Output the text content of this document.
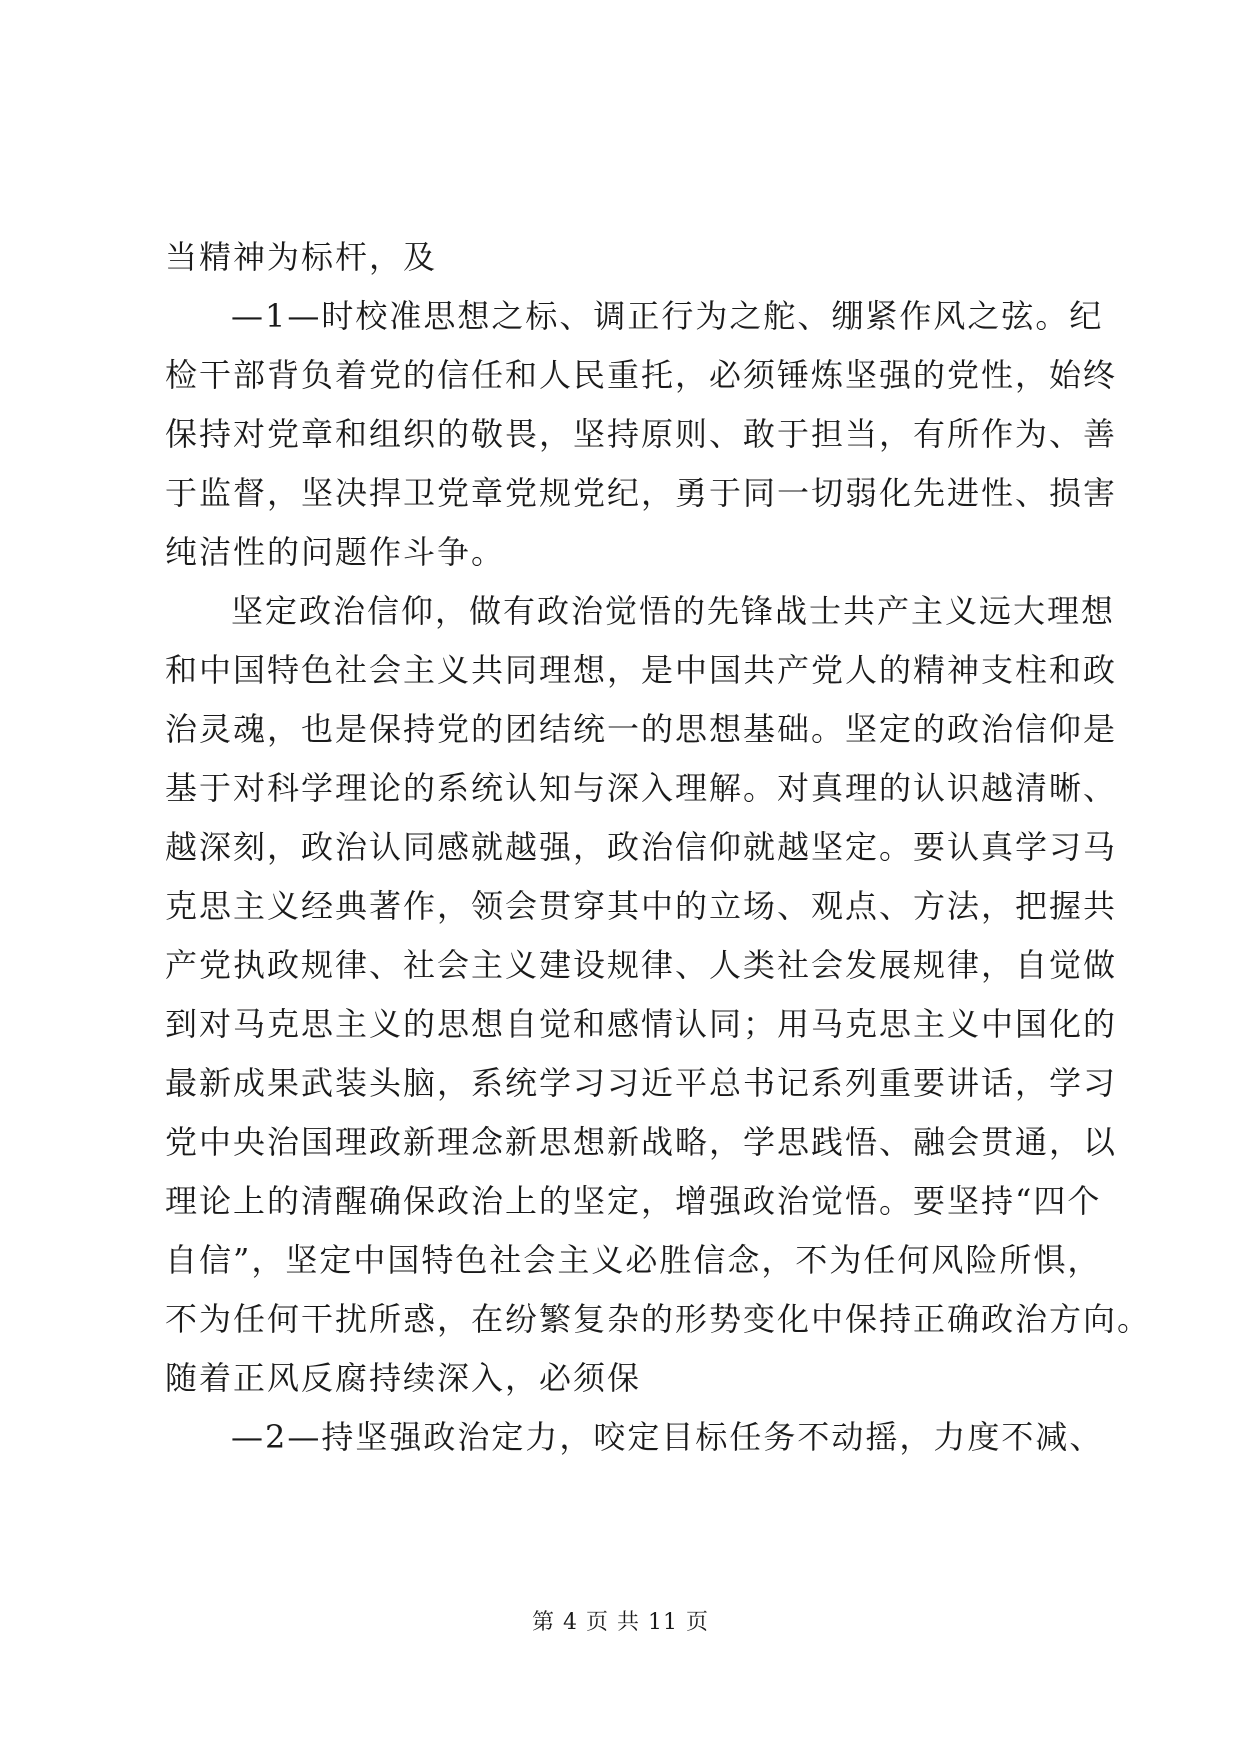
当精神为标杆，及
—1—时校准思想之标、调正行为之舵、绷紧作风之弦。纪
检干部背负着党的信任和人民重托，必须锤炼坚强的党性，始终
保持对党章和组织的敬畏，坚持原则、敢于担当，有所作为、善
于监督，坚决捍卫党章党规党纪，勇于同一切弱化先进性、损害
纯洁性的问题作斗争。
坚定政治信仰，做有政治觉悟的先锋战士共产主义远大理想
和中国特色社会主义共同理想，是中国共产党人的精神支柱和政
治灵魂，也是保持党的团结统一的思想基础。坚定的政治信仰是
基于对科学理论的系统认知与深入理解。对真理的认识越清晰、
越深刻，政治认同感就越强，政治信仰就越坚定。要认真学习马
克思主义经典著作，领会贯穿其中的立场、观点、方法，把握共
产党执政规律、社会主义建设规律、人类社会发展规律，自觉做
到对马克思主义的思想自觉和感情认同；用马克思主义中国化的
最新成果武装头脑，系统学习习近平总书记系列重要讲话，学习
党中央治国理政新理念新思想新战略，学思践悟、融会贯通，以
理论上的清醒确保政治上的坚定，增强政治觉悟。要坚持“四个
自信”，坚定中国特色社会主义必胜信念，不为任何风险所惧，
不为任何干扰所惑，在纷繁复杂的形势变化中保持正确政治方向。
随着正风反腐持续深入，必须保
—2—持坚强政治定力，咬定目标任务不动摇，力度不减、
第 4 页 共 11 页
